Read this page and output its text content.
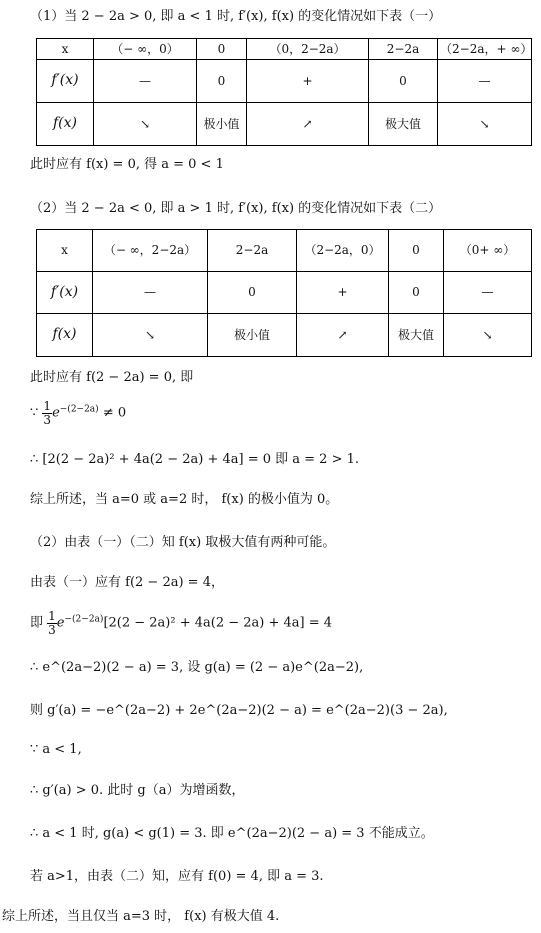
（1）当 2 − 2a > 0, 即 a < 1 时, f′(x), f(x) 的变化情况如下表（一）
x	（− ∞，0）	0	（0，2−2a）	2−2a	（2−2a，+ ∞）
f′(x)	—	0	+	0	—
f(x)	↘	极小值	↗	极大值	↘
此时应有 f(x) = 0, 得 a = 0 < 1
（2）当 2 − 2a < 0, 即 a > 1 时, f′(x), f(x) 的变化情况如下表（二）
x	（− ∞，2−2a）	2−2a	（2−2a，0）	0	（0+ ∞）
f′(x)	—	0	+	0	—
f(x)	↘	极小值	↗	极大值	↘
此时应有 f(2 − 2a) = 0, 即
∵ $\frac{1}{3} e^{-(2-2a)} \ne 0$
∴ [2(2 − 2a)² + 4a(2 − 2a) + 4a] = 0 即 a = 2 > 1.
综上所述，当 a=0 或 a=2 时， f(x) 的极小值为 0。
（2）由表（一）（二）知 f(x) 取极大值有两种可能。
由表（一）应有 f(2 − 2a) = 4，
即 $\frac{1}{3} e^{-(2-2a)}[2(2 - 2a)^2 + 4a(2 - 2a) + 4a] = 4$
∴ e^(2a−2)(2 − a) = 3, 设 g(a) = (2 − a)e^(2a−2),
则 g′(a) = −e^(2a−2) + 2e^(2a−2)(2 − a) = e^(2a−2)(3 − 2a),
∵ a < 1,
∴ g′(a) > 0. 此时 g（a）为增函数，
∴ a < 1 时, g(a) < g(1) = 3. 即 e^(2a−2)(2 − a) = 3 不能成立。
若 a>1，由表（二）知，应有 f(0) = 4, 即 a = 3.
综上所述，当且仅当 a=3 时， f(x) 有极大值 4.
